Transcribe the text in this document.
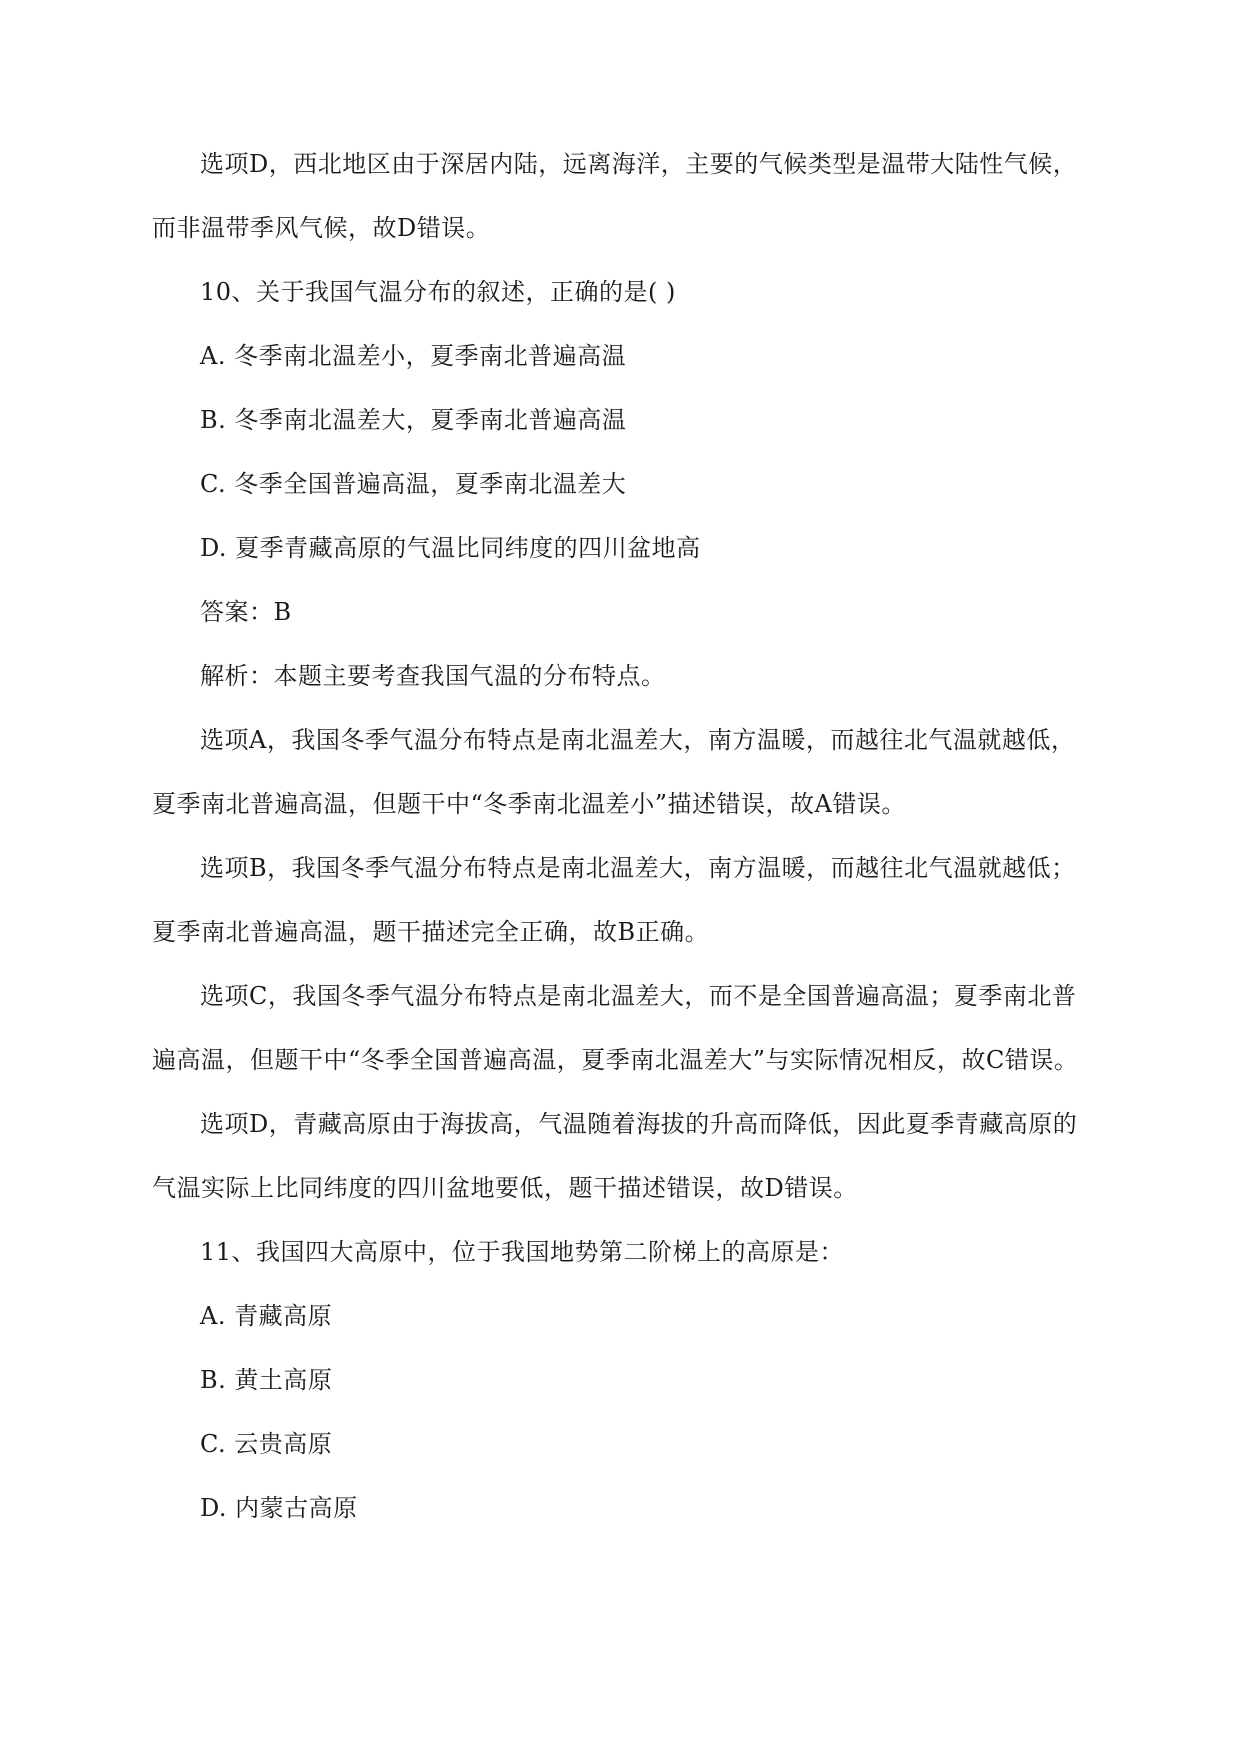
选项D，西北地区由于深居内陆，远离海洋，主要的气候类型是温带大陆性气候，
而非温带季风气候，故D错误。
10、关于我国气温分布的叙述，正确的是( )
A. 冬季南北温差小，夏季南北普遍高温
B. 冬季南北温差大，夏季南北普遍高温
C. 冬季全国普遍高温，夏季南北温差大
D. 夏季青藏高原的气温比同纬度的四川盆地高
答案：B
解析：本题主要考查我国气温的分布特点。
选项A，我国冬季气温分布特点是南北温差大，南方温暖，而越往北气温就越低，
夏季南北普遍高温，但题干中“冬季南北温差小”描述错误，故A错误。
选项B，我国冬季气温分布特点是南北温差大，南方温暖，而越往北气温就越低；
夏季南北普遍高温，题干描述完全正确，故B正确。
选项C，我国冬季气温分布特点是南北温差大，而不是全国普遍高温；夏季南北普
遍高温，但题干中“冬季全国普遍高温，夏季南北温差大”与实际情况相反，故C错误。
选项D，青藏高原由于海拔高，气温随着海拔的升高而降低，因此夏季青藏高原的
气温实际上比同纬度的四川盆地要低，题干描述错误，故D错误。
11、我国四大高原中，位于我国地势第二阶梯上的高原是：
A. 青藏高原
B. 黄土高原
C. 云贵高原
D. 内蒙古高原
